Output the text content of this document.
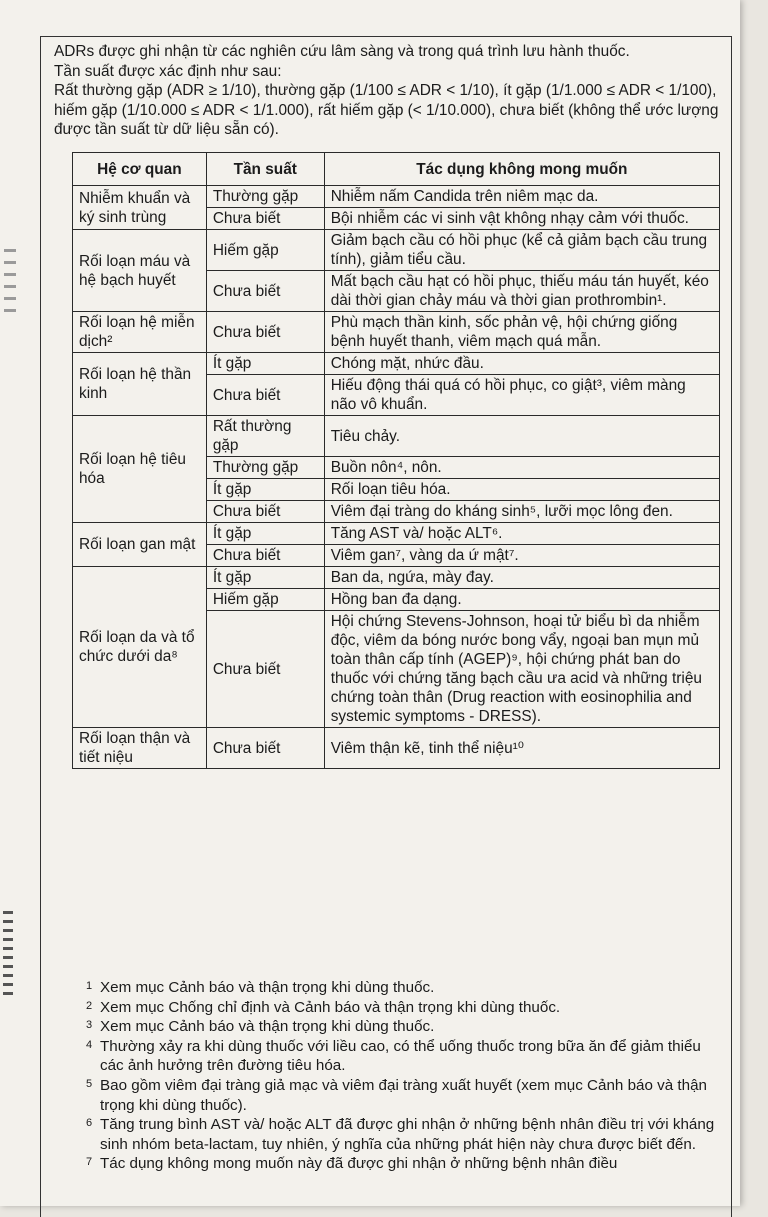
ADRs được ghi nhận từ các nghiên cứu lâm sàng và trong quá trình lưu hành thuốc.

Tần suất được xác định như sau:

Rất thường gặp (ADR ≥ 1/10), thường gặp (1/100 ≤ ADR < 1/10), ít gặp (1/1.000 ≤ ADR < 1/100), hiếm gặp (1/10.000 ≤ ADR < 1/1.000), rất hiếm gặp (< 1/10.000), chưa biết (không thể ước lượng được tần suất từ dữ liệu sẵn có).

Hệ cơ quan	Tần suất	Tác dụng không mong muốn
Nhiễm khuẩn và ký sinh trùng	Thường gặp	Nhiễm nấm Candida trên niêm mạc da.
	Chưa biết	Bội nhiễm các vi sinh vật không nhạy cảm với thuốc.
Rối loạn máu và hệ bạch huyết	Hiếm gặp	Giảm bạch cầu có hồi phục (kể cả giảm bạch cầu trung tính), giảm tiểu cầu.
	Chưa biết	Mất bạch cầu hạt có hồi phục, thiếu máu tán huyết, kéo dài thời gian chảy máu và thời gian prothrombin¹.
Rối loạn hệ miễn dịch²	Chưa biết	Phù mạch thần kinh, sốc phản vệ, hội chứng giống bệnh huyết thanh, viêm mạch quá mẫn.
Rối loạn hệ thần kinh	Ít gặp	Chóng mặt, nhức đầu.
	Chưa biết	Hiếu động thái quá có hồi phục, co giật³, viêm màng não vô khuẩn.
Rối loạn hệ tiêu hóa	Rất thường gặp	Tiêu chảy.
	Thường gặp	Buồn nôn⁴, nôn.
	Ít gặp	Rối loạn tiêu hóa.
	Chưa biết	Viêm đại tràng do kháng sinh⁵, lưỡi mọc lông đen.
Rối loạn gan mật	Ít gặp	Tăng AST và/ hoặc ALT⁶.
	Chưa biết	Viêm gan⁷, vàng da ứ mật⁷.
Rối loạn da và tổ chức dưới da⁸	Ít gặp	Ban da, ngứa, mày đay.
	Hiếm gặp	Hồng ban đa dạng.
	Chưa biết	Hội chứng Stevens-Johnson, hoại tử biểu bì da nhiễm độc, viêm da bóng nước bong vẩy, ngoại ban mụn mủ toàn thân cấp tính (AGEP)⁹, hội chứng phát ban do thuốc với chứng tăng bạch cầu ưa acid và những triệu chứng toàn thân (Drug reaction with eosinophilia and systemic symptoms - DRESS).
Rối loạn thận và tiết niệu	Chưa biết	Viêm thận kẽ, tinh thể niệu¹⁰
1 Xem mục Cảnh báo và thận trọng khi dùng thuốc.
2 Xem mục Chống chỉ định và Cảnh báo và thận trọng khi dùng thuốc.
3 Xem mục Cảnh báo và thận trọng khi dùng thuốc.
4 Thường xảy ra khi dùng thuốc với liều cao, có thể uống thuốc trong bữa ăn để giảm thiểu các ảnh hưởng trên đường tiêu hóa.
5 Bao gồm viêm đại tràng giả mạc và viêm đại tràng xuất huyết (xem mục Cảnh báo và thận trọng khi dùng thuốc).
6 Tăng trung bình AST và/ hoặc ALT đã được ghi nhận ở những bệnh nhân điều trị với kháng sinh nhóm beta-lactam, tuy nhiên, ý nghĩa của những phát hiện này chưa được biết đến.
7 Tác dụng không mong muốn này đã được ghi nhận ở những bệnh nhân điều
